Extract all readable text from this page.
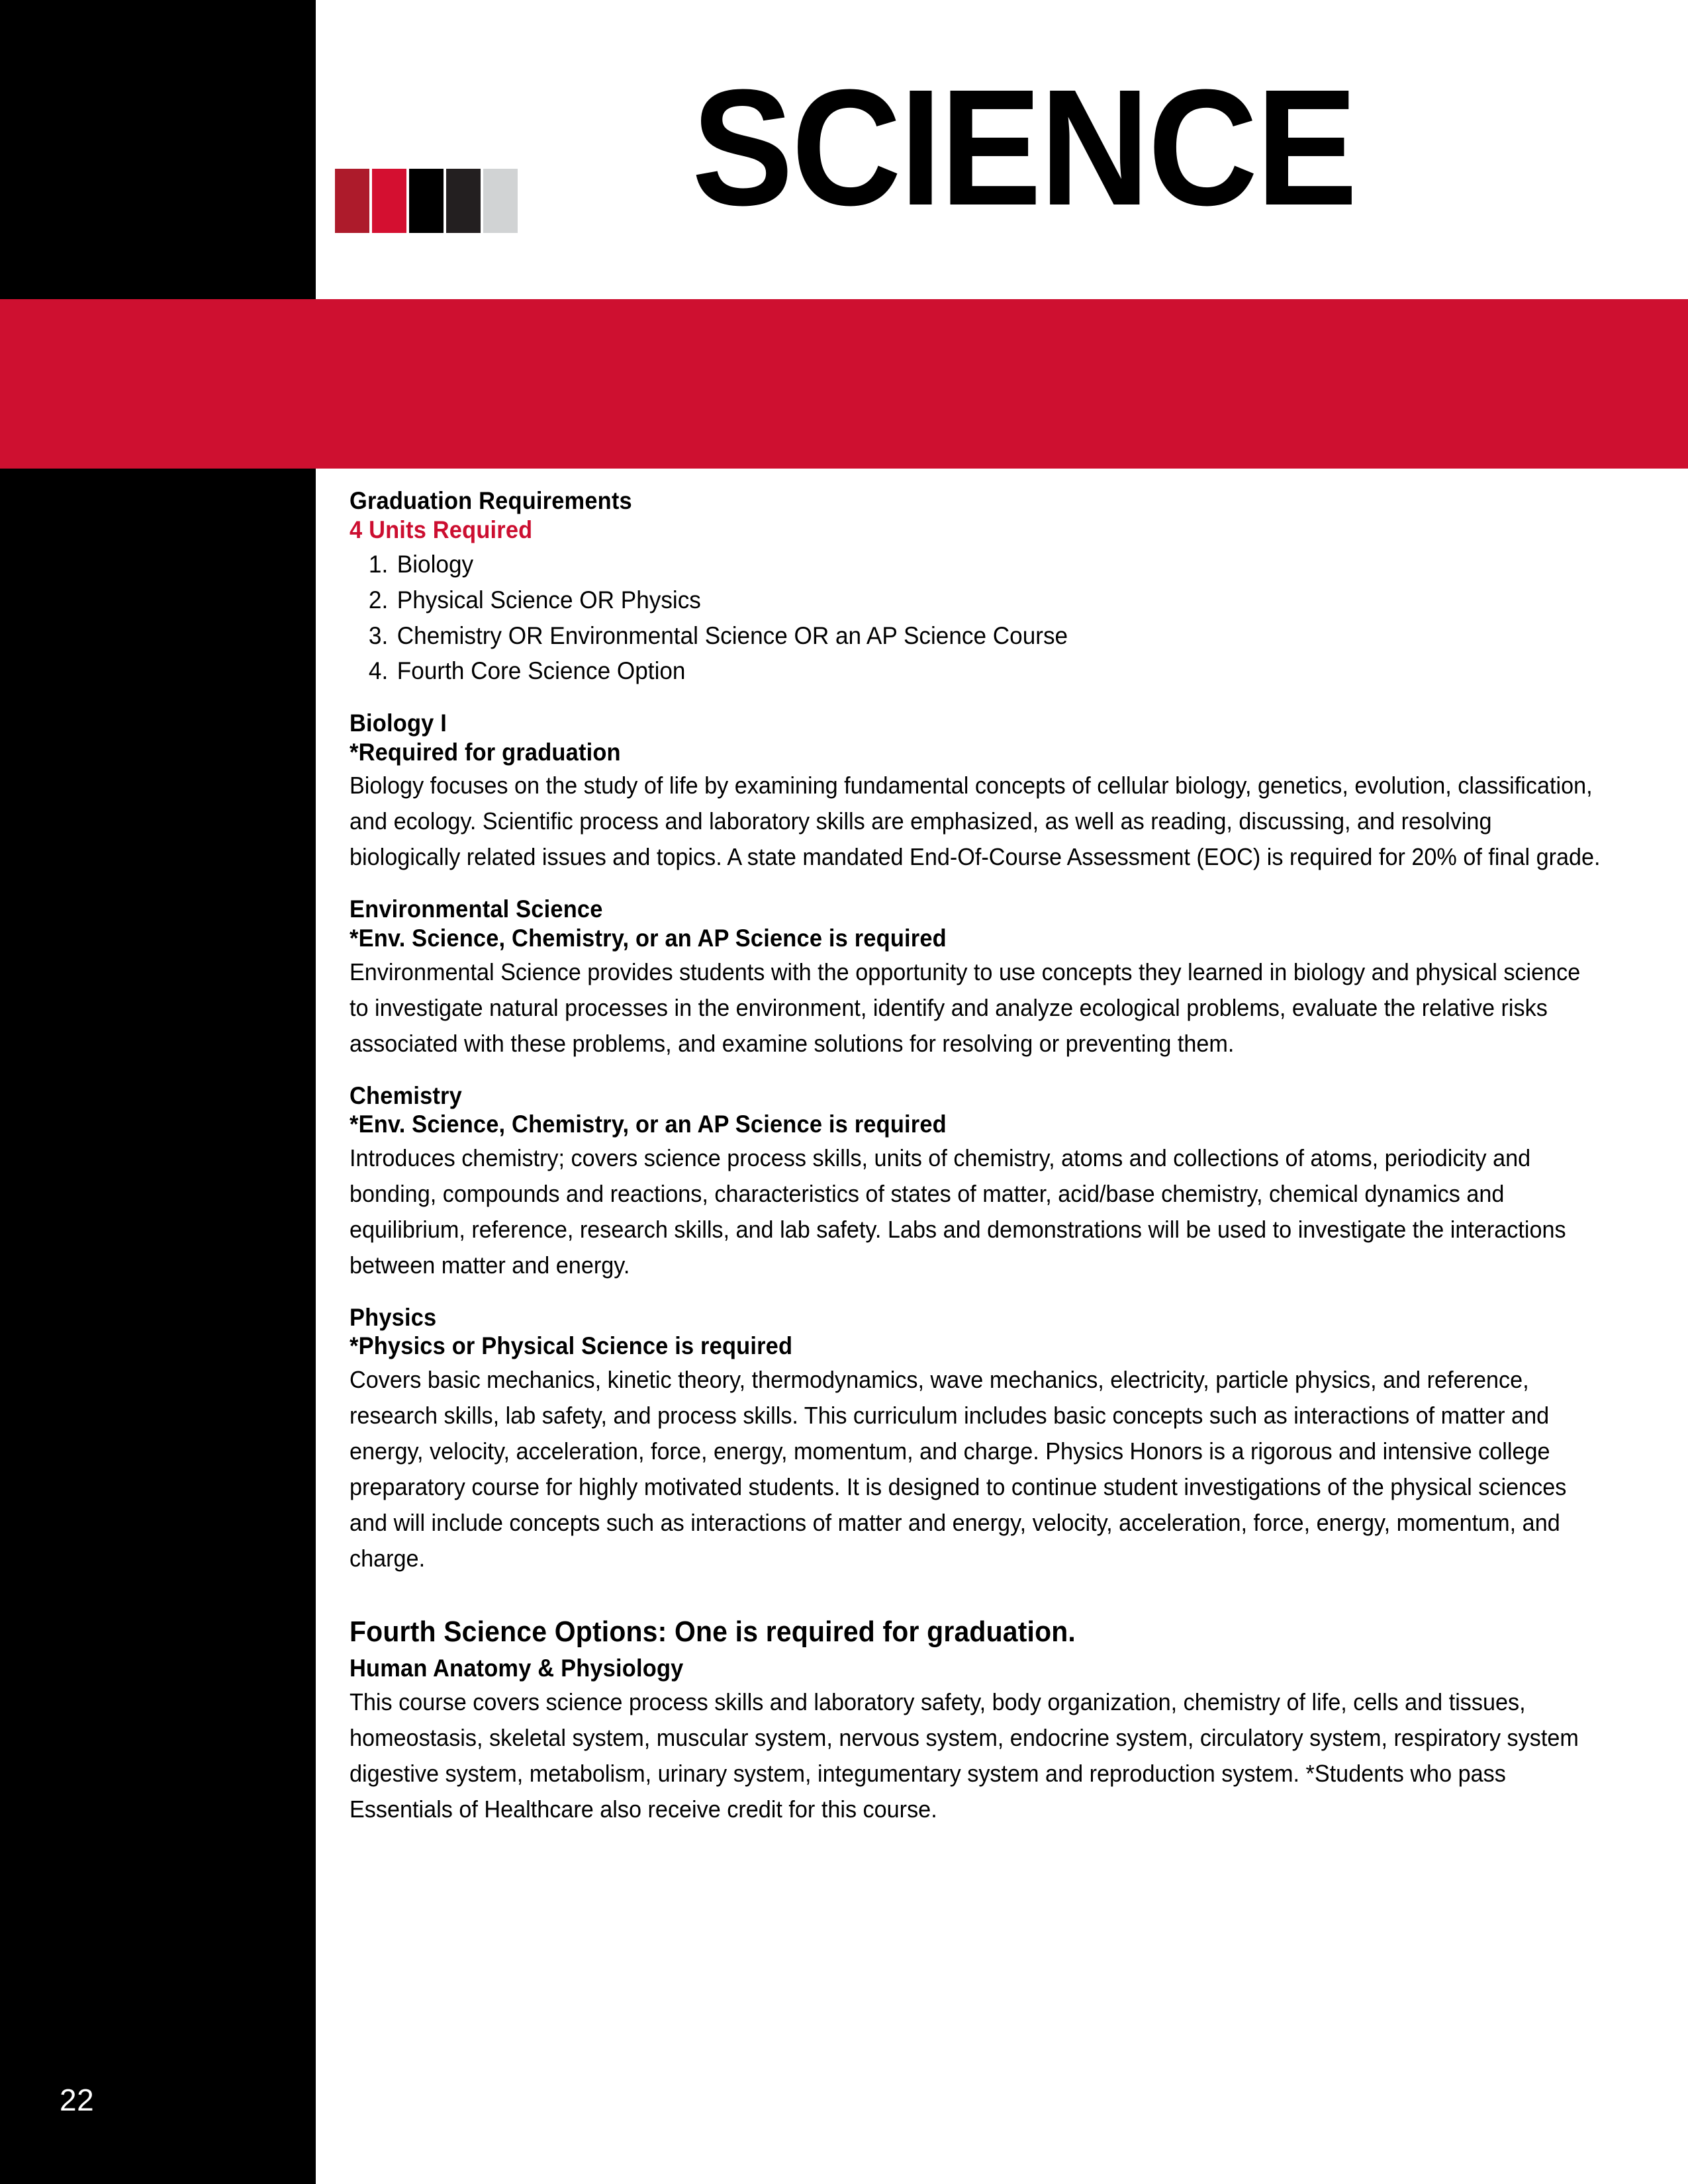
SCIENCE
22
Graduation Requirements
4 Units Required
1. Biology
2. Physical Science OR Physics
3. Chemistry OR Environmental Science OR an AP Science Course
4. Fourth Core Science Option
Biology I
*Required for graduation
Biology focuses on the study of life by examining fundamental concepts of cellular biology, genetics, evolution, classification, and ecology. Scientific process and laboratory skills are emphasized, as well as reading, discussing, and resolving biologically related issues and topics. A state mandated End-Of-Course Assessment (EOC) is required for 20% of final grade.
Environmental Science
*Env. Science, Chemistry, or an AP Science is required
Environmental Science provides students with the opportunity to use concepts they learned in biology and physical science to investigate natural processes in the environment, identify and analyze ecological problems, evaluate the relative risks associated with these problems, and examine solutions for resolving or preventing them.
Chemistry
*Env. Science, Chemistry, or an AP Science is required
Introduces chemistry; covers science process skills, units of chemistry, atoms and collections of atoms, periodicity and bonding, compounds and reactions, characteristics of states of matter, acid/base chemistry, chemical dynamics and equilibrium, reference, research skills, and lab safety. Labs and demonstrations will be used to investigate the interactions between matter and energy.
Physics
*Physics or Physical Science is required
Covers basic mechanics, kinetic theory, thermodynamics, wave mechanics, electricity, particle physics, and reference, research skills, lab safety, and process skills. This curriculum includes basic concepts such as interactions of matter and energy, velocity, acceleration, force, energy, momentum, and charge. Physics Honors is a rigorous and intensive college preparatory course for highly motivated students. It is designed to continue student investigations of the physical sciences and will include concepts such as interactions of matter and energy, velocity, acceleration, force, energy, momentum, and charge.
Fourth Science Options: One is required for graduation.
Human Anatomy & Physiology
This course covers science process skills and laboratory safety, body organization, chemistry of life, cells and tissues, homeostasis, skeletal system, muscular system, nervous system, endocrine system, circulatory system, respiratory system digestive system, metabolism, urinary system, integumentary system and reproduction system. *Students who pass Essentials of Healthcare also receive credit for this course.
